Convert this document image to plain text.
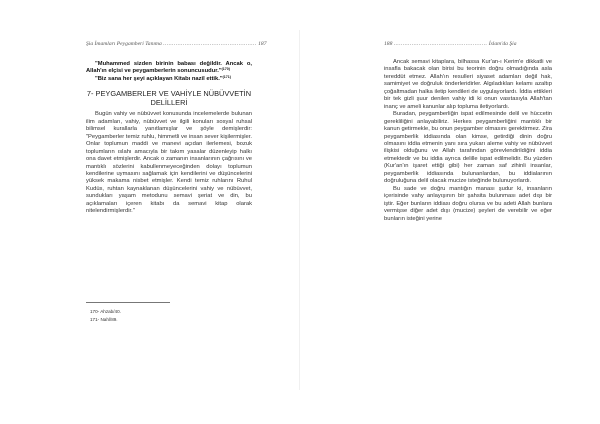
Şia İmamları Peygamberi Tanıma .................................................... 187

"Muhammed sizden birinin babası değildir. Ancak o, Allah'ın elçisi ve peygamberlerin sonuncusudur."$^{(170)}$

"Biz sana her şeyi açıklayan Kitabı nazil ettik."$^{(171)}$

7- PEYGAMBERLER VE VAHİYLE NÜBÜVVETİN

DELİLLERİ

Bugün vahiy ve nübüvvet konusunda incelemelerde bulunan ilim adamları, vahiy, nübüvvet ve ilgili konuları sosyal ruhsal bilimsel kurallarla yanıtlamışlar ve şöyle demişlerdir: "Peygamberler temiz ruhlu, himmetli ve insan sever kişilermişler. Onlar toplumun maddi ve manevi açıdan ilerlemesi, bozuk toplumların ıslahı amacıyla bir takım yasalar düzenleyip halkı ona davet etmişlerdir. Ancak o zamanın insanlarının çağrısını ve mantıklı sözlerini kabullenmeyeceğinden dolayı toplumun kendilerine uymasını sağlamak için kendilerini ve düşüncelerini yüksek makama nisbet etmişler. Kendi temiz ruhlarını Ruhul Kudüs, ruhtan kaynaklanan düşüncelerini vahiy ve nübüvvet, sundukları yaşam metodunu semavi şeriat ve din, bu açıklamaları içeren kitabı da semavi kitap olarak nitelendirmişlerdir."

170- Ahzab/40.
171- Nahl/89.
188 .................................................... İslam'da Şia

Ancak semavi kitaplara, bilhassa Kur'an-ı Kerim'e dikkatli ve insafla bakacak olan birisi bu teorinin doğru olmadığında asla tereddüt etmez. Allah'ın resulleri siyaset adamları değil hak, samimiyet ve doğruluk önderleridirler. Algıladıkları kelamı azaltıp çoğaltmadan halka iletip kendileri de uygulayorlardı. İddia ettikleri bir tek gizli şuur denilen vahiy idi ki onun vasıtasıyla Allah'tan inanç ve ameli kanunlar alıp topluma iletiyorlardı.

Buradan, peygamberliğin ispat edilmesinde delil ve hüccetin gerekliliğini anlayabiliriz. Herkes peygamberliğini mantıklı bir kanun getirmekle, bu onun peygamber olmasını gerektirmez. Zira peygamberlik iddiasında olan kimse, getirdiği dinin doğru olmasını iddia etmenin yanı sıra yukarı aleme vahiy ve nübüvvet ilişkisi olduğunu ve Allah tarafından görevlendirildiğini iddia etmektedir ve bu iddia ayrıca delille ispat edilmelidir. Bu yüzden (Kur'an'ın işaret ettiği gibi) her zaman saf zihinli insanlar, peygamberlik iddiasında bulunanlardan, bu iddialarının doğruluğuna delil olacak mucize isteğinde bulunuyorlardı.

Bu sade ve doğru mantığın manası şudur ki, insanların içerisinde vahy anlayışının bir şahsita bulunması adet dışı bir iştir. Eğer bunların iddiası doğru olursa ve bu adeti Allah bunlara vermişse diğer adet dışı (mucize) şeyleri de verebilir ve eğer bunların isteğini yerine
